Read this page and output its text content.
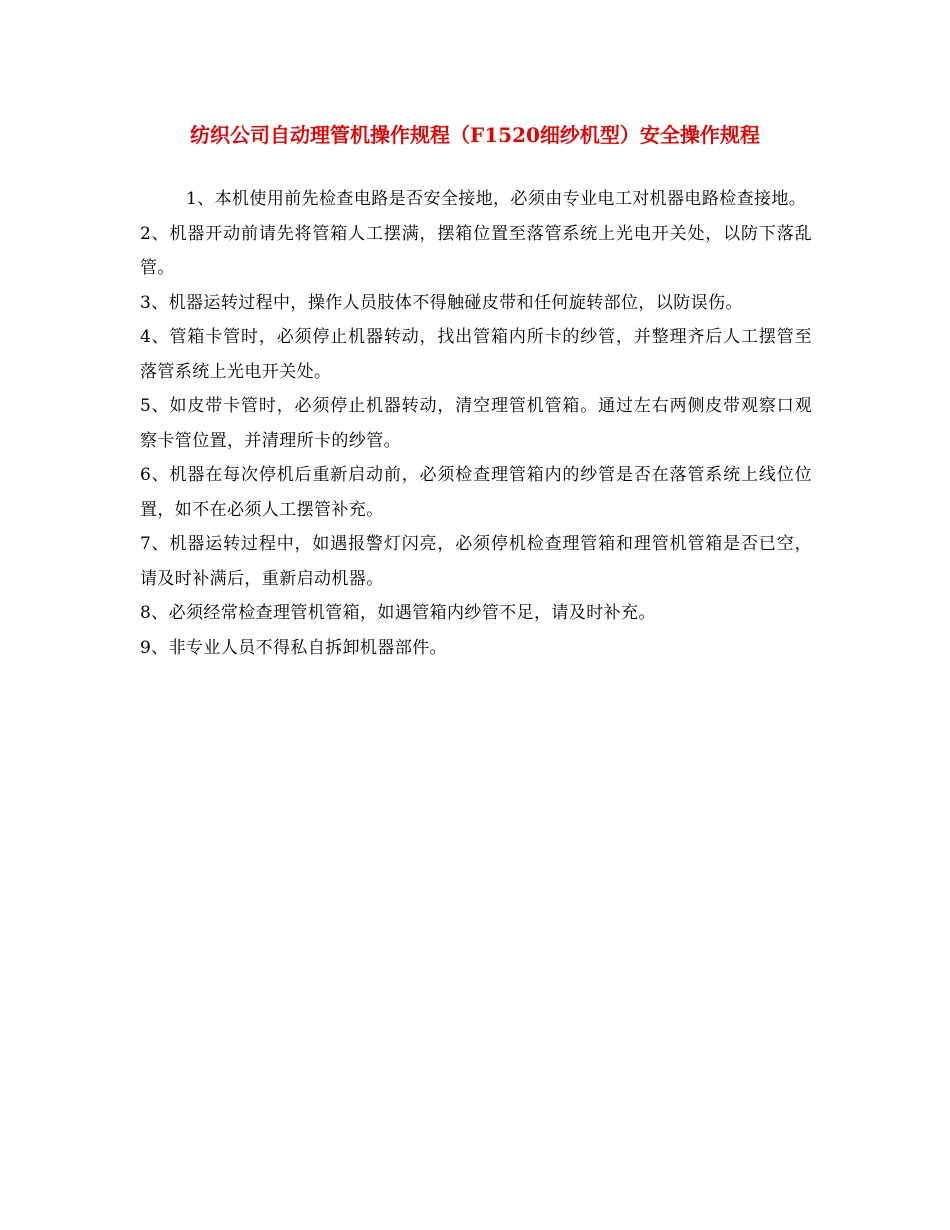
纺织公司自动理管机操作规程（F1520细纱机型）安全操作规程

1、本机使用前先检查电路是否安全接地，必须由专业电工对机器电路检查接地。

2、机器开动前请先将管箱人工摆满，摆箱位置至落管系统上光电开关处，以防下落乱管。

3、机器运转过程中，操作人员肢体不得触碰皮带和任何旋转部位，以防误伤。

4、管箱卡管时，必须停止机器转动，找出管箱内所卡的纱管，并整理齐后人工摆管至落管系统上光电开关处。

5、如皮带卡管时，必须停止机器转动，清空理管机管箱。通过左右两侧皮带观察口观察卡管位置，并清理所卡的纱管。

6、机器在每次停机后重新启动前，必须检查理管箱内的纱管是否在落管系统上线位位置，如不在必须人工摆管补充。

7、机器运转过程中，如遇报警灯闪亮，必须停机检查理管箱和理管机管箱是否已空，请及时补满后，重新启动机器。

8、必须经常检查理管机管箱，如遇管箱内纱管不足，请及时补充。

9、非专业人员不得私自拆卸机器部件。
